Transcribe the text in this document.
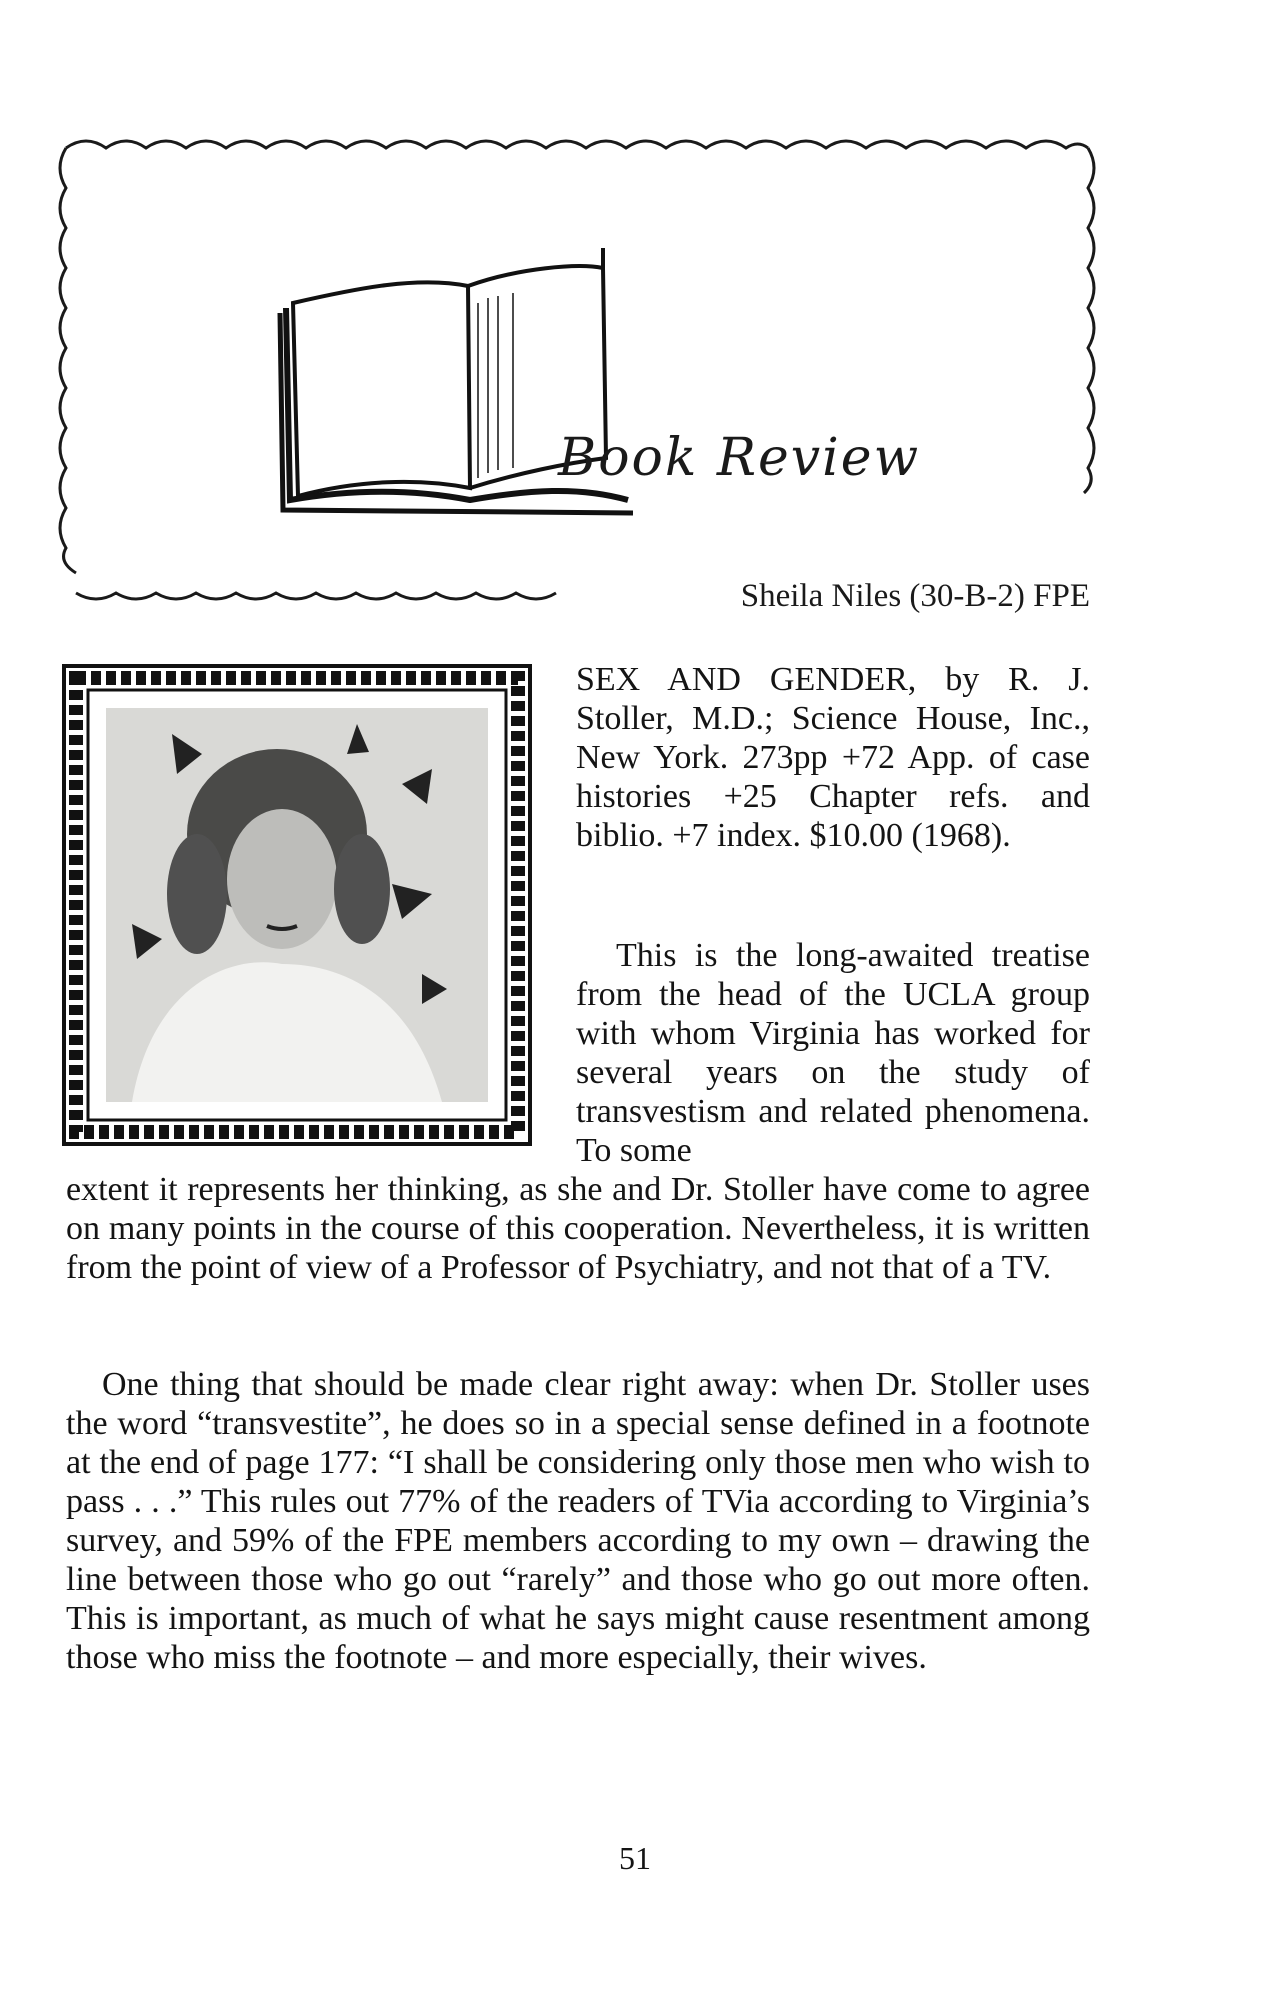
Book Review
Sheila Niles (30-B-2) FPE
SEX AND GENDER, by R. J. Stoller, M.D.; Science House, Inc., New York. 273pp +72 App. of case histories +25 Chapter refs. and biblio. +7 index. $10.00 (1968).
This is the long-awaited treatise from the head of the UCLA group with whom Virginia has worked for several years on the study of transvestism and related phenomena. To some
extent it represents her thinking, as she and Dr. Stoller have come to agree on many points in the course of this cooperation. Nevertheless, it is written from the point of view of a Professor of Psychiatry, and not that of a TV.
One thing that should be made clear right away: when Dr. Stoller uses the word “transvestite”, he does so in a special sense defined in a footnote at the end of page 177: “I shall be considering only those men who wish to pass . . .” This rules out 77% of the readers of TVia according to Virginia’s survey, and 59% of the FPE members according to my own – drawing the line between those who go out “rarely” and those who go out more often. This is important, as much of what he says might cause resentment among those who miss the footnote – and more especially, their wives.
51
